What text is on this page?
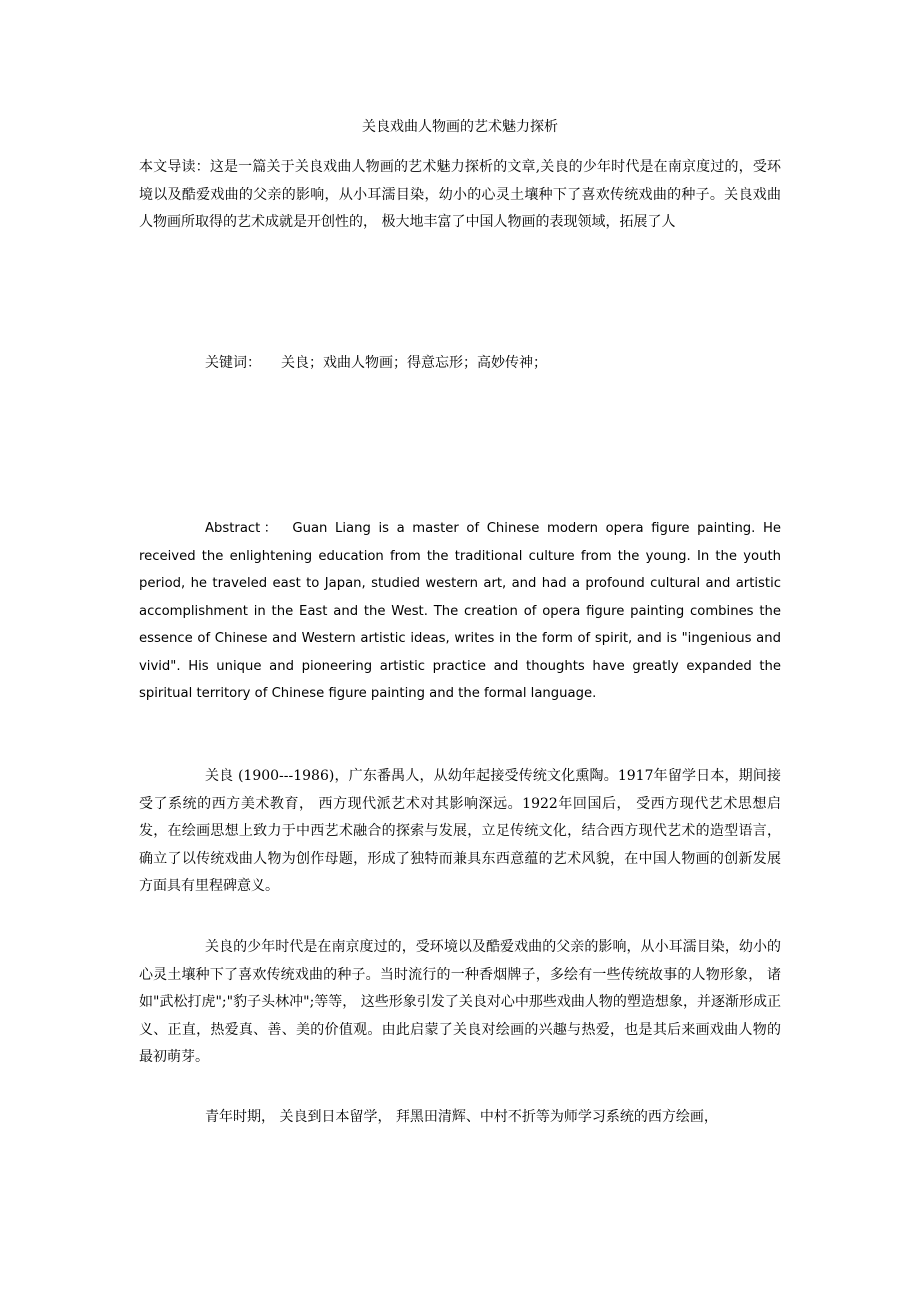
关良戏曲人物画的艺术魅力探析
本文导读：这是一篇关于关良戏曲人物画的艺术魅力探析的文章,关良的少年时代是在南京度过的，受环境以及酷爱戏曲的父亲的影响，从小耳濡目染，幼小的心灵土壤种下了喜欢传统戏曲的种子。关良戏曲人物画所取得的艺术成就是开创性的， 极大地丰富了中国人物画的表现领域，拓展了人
关键词： 关良；戏曲人物画；得意忘形；高妙传神；
Abstract： Guan Liang is a master of Chinese modern opera figure painting. He received the enlightening education from the traditional culture from the young. In the youth period, he traveled east to Japan, studied western art, and had a profound cultural and artistic accomplishment in the East and the West. The creation of opera figure painting combines the essence of Chinese and Western artistic ideas, writes in the form of spirit, and is "ingenious and vivid". His unique and pioneering artistic practice and thoughts have greatly expanded the spiritual territory of Chinese figure painting and the formal language.
关良 (1900---1986)，广东番禺人，从幼年起接受传统文化熏陶。1917年留学日本，期间接受了系统的西方美术教育， 西方现代派艺术对其影响深远。1922年回国后， 受西方现代艺术思想启发，在绘画思想上致力于中西艺术融合的探索与发展，立足传统文化，结合西方现代艺术的造型语言，确立了以传统戏曲人物为创作母题，形成了独特而兼具东西意蕴的艺术风貌，在中国人物画的创新发展方面具有里程碑意义。
关良的少年时代是在南京度过的，受环境以及酷爱戏曲的父亲的影响，从小耳濡目染，幼小的心灵土壤种下了喜欢传统戏曲的种子。当时流行的一种香烟牌子，多绘有一些传统故事的人物形象， 诸如"武松打虎";"豹子头林冲";等等， 这些形象引发了关良对心中那些戏曲人物的塑造想象，并逐渐形成正义、正直，热爱真、善、美的价值观。由此启蒙了关良对绘画的兴趣与热爱，也是其后来画戏曲人物的最初萌芽。
青年时期， 关良到日本留学， 拜黑田清辉、中村不折等为师学习系统的西方绘画，
